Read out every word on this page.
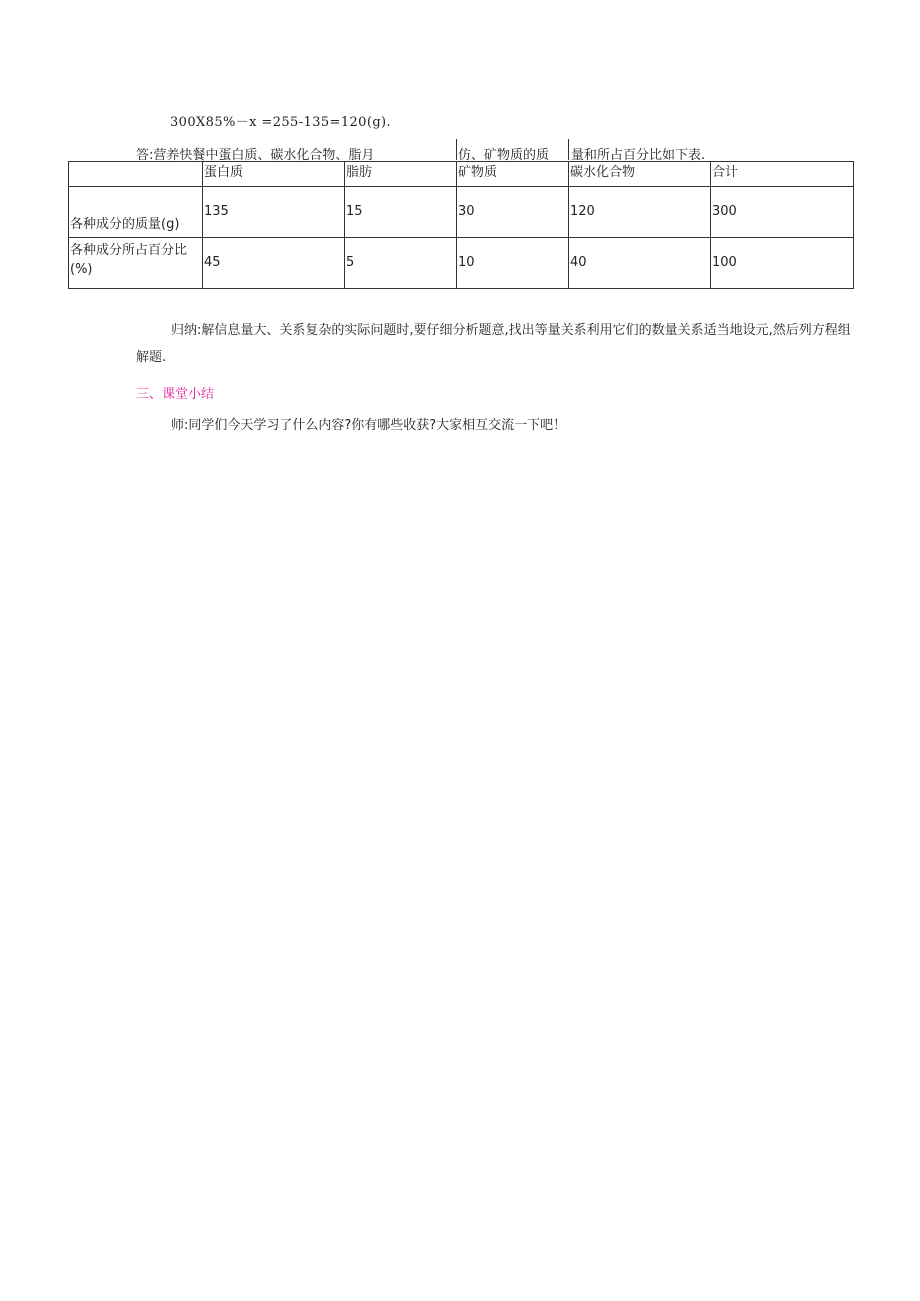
300X85%－x =255-135=120(g).
答:营养快餐中蛋白质、碳水化合物、脂月	仿、矿物质的质 量和所占百分比如下表.
	蛋白质	脂肪	矿物质	碳水化合物	合计
各种成分的质量(g)	135	15	30	120	300
各种成分所占百分比(%)	45	5	10	40	100
归纳:解信息量大、关系复杂的实际问题时,要仔细分析题意,找出等量关系利用它们的数量关系适当地设元,然后列方程组解题.
三、课堂小结
师:同学们今天学习了什么内容?你有哪些收获?大家相互交流一下吧！
